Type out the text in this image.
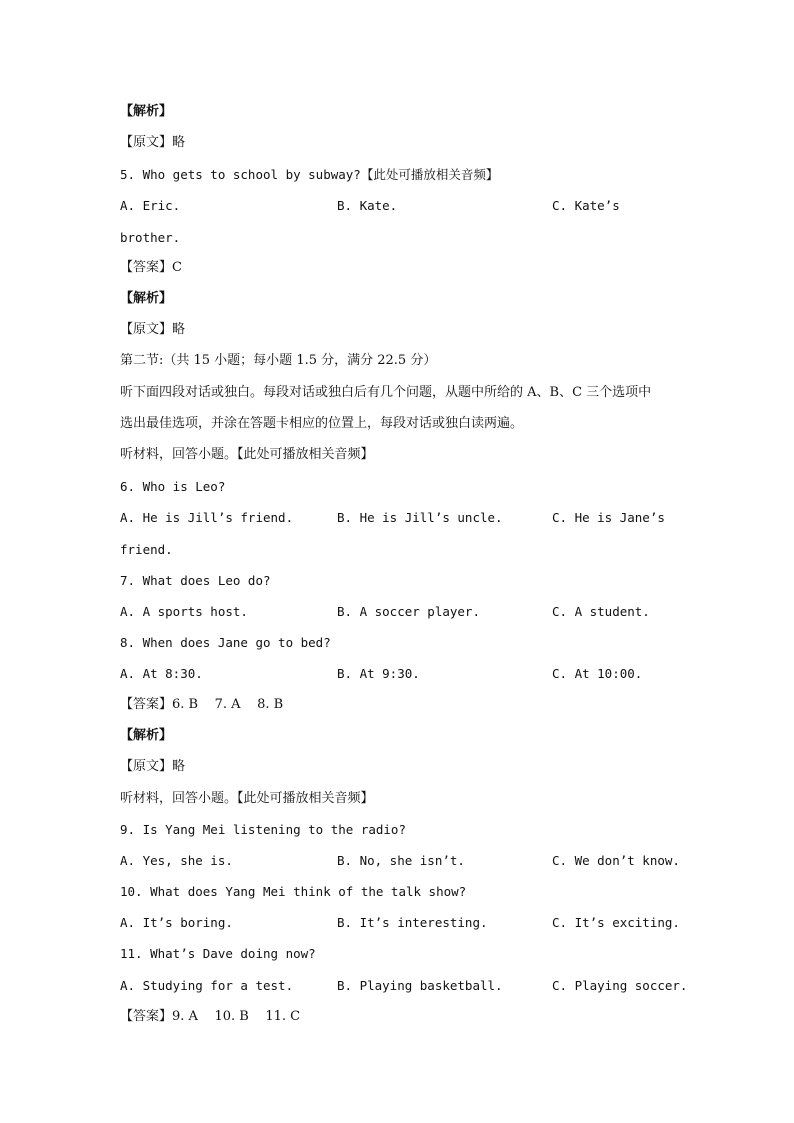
【解析】
【原文】略
5. Who gets to school by subway?【此处可播放相关音频】
A. Eric.	B. Kate.	C. Kate’s
brother.
【答案】C
【解析】
【原文】略
第二节:（共 15 小题；每小题 1.5 分，满分 22.5 分）
听下面四段对话或独白。每段对话或独白后有几个问题，从题中所给的 A、B、C 三个选项中
选出最佳选项，并涂在答题卡相应的位置上，每段对话或独白读两遍。
听材料，回答小题。【此处可播放相关音频】
6. Who is Leo?
A. He is Jill’s friend.	B. He is Jill’s uncle.	C. He is Jane’s
friend.
7. What does Leo do?
A. A sports host.	B. A soccer player.	C. A student.
8. When does Jane go to bed?
A. At 8:30.	B. At 9:30.	C. At 10:00.
【答案】6. B    7. A    8. B
【解析】
【原文】略
听材料，回答小题。【此处可播放相关音频】
9. Is Yang Mei listening to the radio?
A. Yes, she is.	B. No, she isn’t.	C. We don’t know.
10. What does Yang Mei think of the talk show?
A. It’s boring.	B. It’s interesting.	C. It’s exciting.
11. What’s Dave doing now?
A. Studying for a test.	B. Playing basketball.	C. Playing soccer.
【答案】9. A    10. B    11. C
